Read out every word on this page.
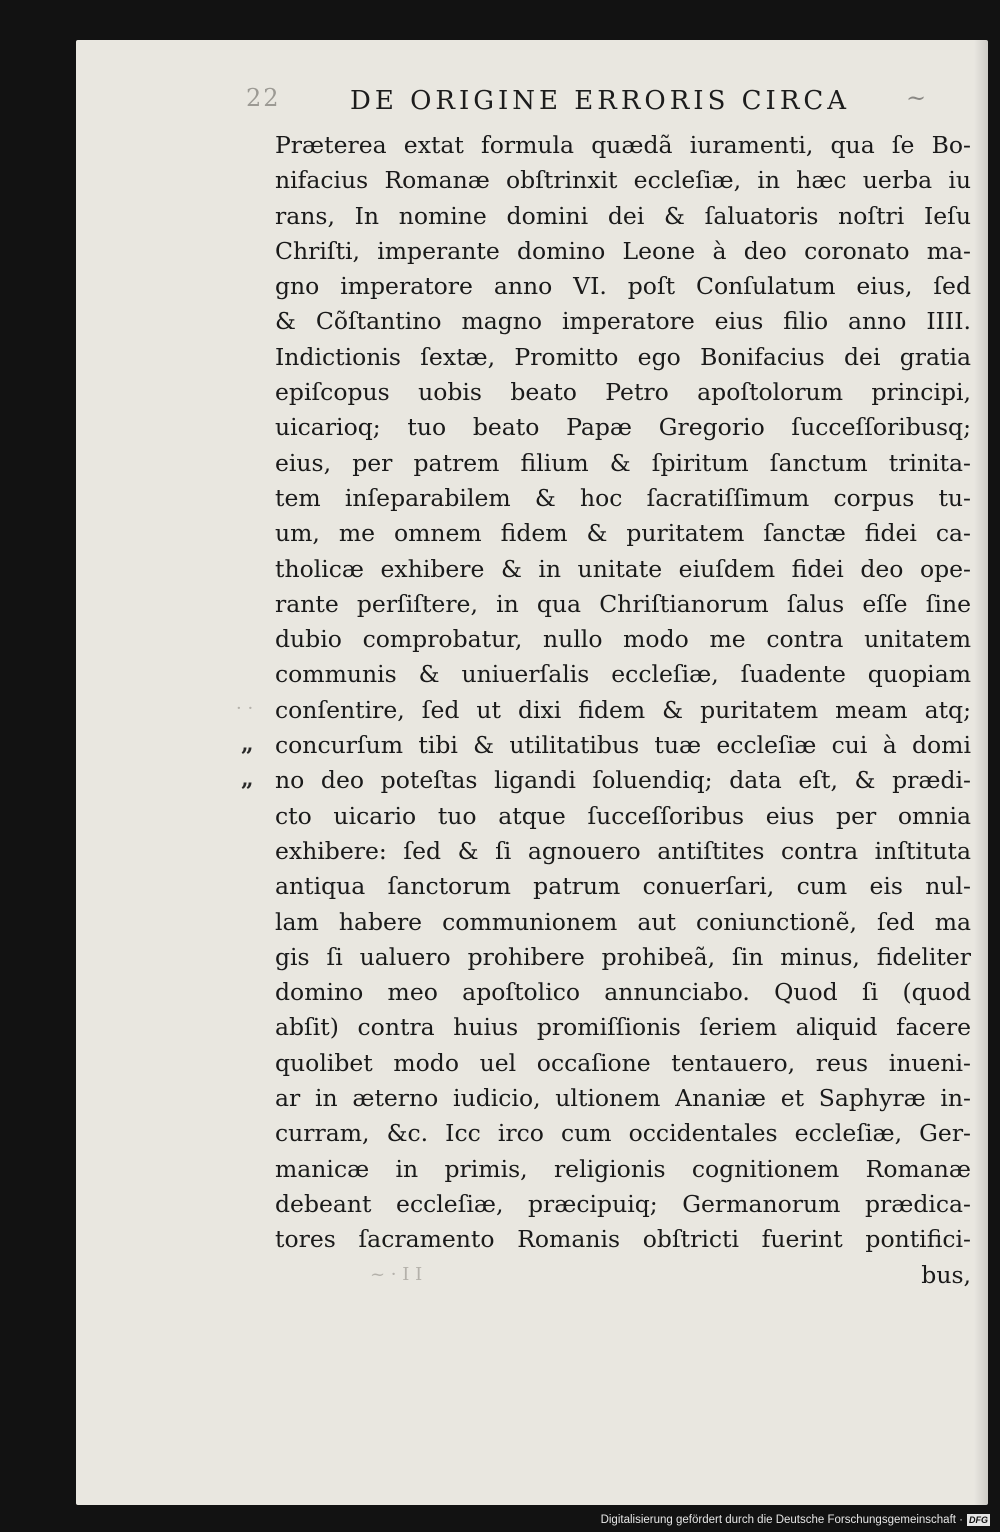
22	DE ORIGINE ERRORIS CIRCA ~
Præterea extat formula quædã iuramenti, qua ſe Bo-
nifacius Romanæ obſtrinxit eccleſiæ, in hæc uerba iu
rans, In nomine domini dei & ſaluatoris noſtri Ieſu
Chriſti, imperante domino Leone à deo coronato ma-
gno imperatore anno VI. poſt Conſulatum eius, ſed
& Cõſtantino magno imperatore eius filio anno IIII.
Indictionis ſextæ, Promitto ego Bonifacius dei gratia
epiſcopus uobis beato Petro apoſtolorum principi,
uicarioq; tuo beato Papæ Gregorio ſucceſſoribusq;
eius, per patrem filium & ſpiritum ſanctum trinita-
tem inſeparabilem & hoc ſacratiſſimum corpus tu-
um, me omnem fidem & puritatem ſanctæ fidei ca-
tholicæ exhibere & in unitate eiuſdem fidei deo ope-
rante perſiſtere, in qua Chriſtianorum ſalus eſſe ſine
dubio comprobatur, nullo modo me contra unitatem
communis & uniuerſalis eccleſiæ, ſuadente quopiam
conſentire, ſed ut dixi fidem & puritatem meam atq;
concurſum tibi & utilitatibus tuæ eccleſiæ cui à domi
no deo poteſtas ligandi ſoluendiq; data eſt, & prædi-
cto uicario tuo atque ſucceſſoribus eius per omnia
exhibere: ſed & ſi agnouero antiſtites contra inſtituta
antiqua ſanctorum patrum conuerſari, cum eis nul-
lam habere communionem aut coniunctionẽ, ſed ma
gis ſi ualuero prohibere prohibeã, ſin minus, fideliter
domino meo apoſtolico annunciabo. Quod ſi (quod
abſit) contra huius promiſſionis ſeriem aliquid facere
quolibet modo uel occaſione tentauero, reus inueni-
ar in æterno iudicio, ultionem Ananiæ et Saphyræ in-
curram, &c. Icc irco cum occidentales eccleſiæ, Ger-
manicæ in primis, religionis cognitionem Romanæ
debeant eccleſiæ, præcipuiq; Germanorum prædica-
tores ſacramento Romanis obſtricti fuerint pontifici-
bus,
„
„
· ·
~ · I I
Digitalisierung gefördert durch die Deutsche Forschungsgemeinschaft · DFG
